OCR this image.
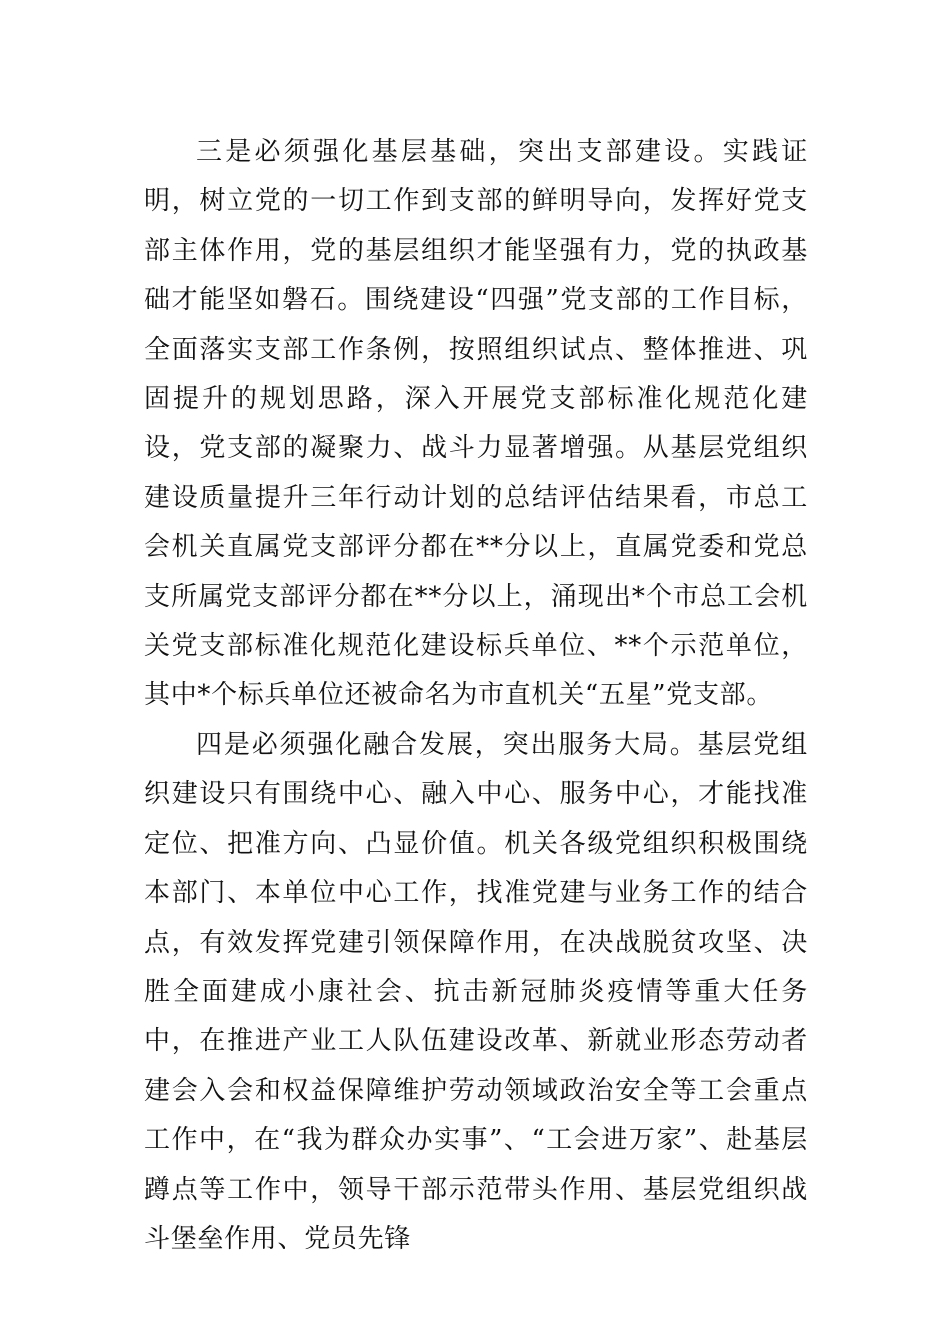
三是必须强化基层基础，突出支部建设。实践证明，树立党的一切工作到支部的鲜明导向，发挥好党支部主体作用，党的基层组织才能坚强有力，党的执政基础才能坚如磐石。围绕建设“四强”党支部的工作目标，全面落实支部工作条例，按照组织试点、整体推进、巩固提升的规划思路，深入开展党支部标准化规范化建设，党支部的凝聚力、战斗力显著增强。从基层党组织建设质量提升三年行动计划的总结评估结果看，市总工会机关直属党支部评分都在**分以上，直属党委和党总支所属党支部评分都在**分以上，涌现出*个市总工会机关党支部标准化规范化建设标兵单位、**个示范单位，其中*个标兵单位还被命名为市直机关“五星”党支部。

四是必须强化融合发展，突出服务大局。基层党组织建设只有围绕中心、融入中心、服务中心，才能找准定位、把准方向、凸显价值。机关各级党组织积极围绕本部门、本单位中心工作，找准党建与业务工作的结合点，有效发挥党建引领保障作用，在决战脱贫攻坚、决胜全面建成小康社会、抗击新冠肺炎疫情等重大任务中，在推进产业工人队伍建设改革、新就业形态劳动者建会入会和权益保障维护劳动领域政治安全等工会重点工作中，在“我为群众办实事”、“工会进万家”、赴基层蹲点等工作中，领导干部示范带头作用、基层党组织战斗堡垒作用、党员先锋
